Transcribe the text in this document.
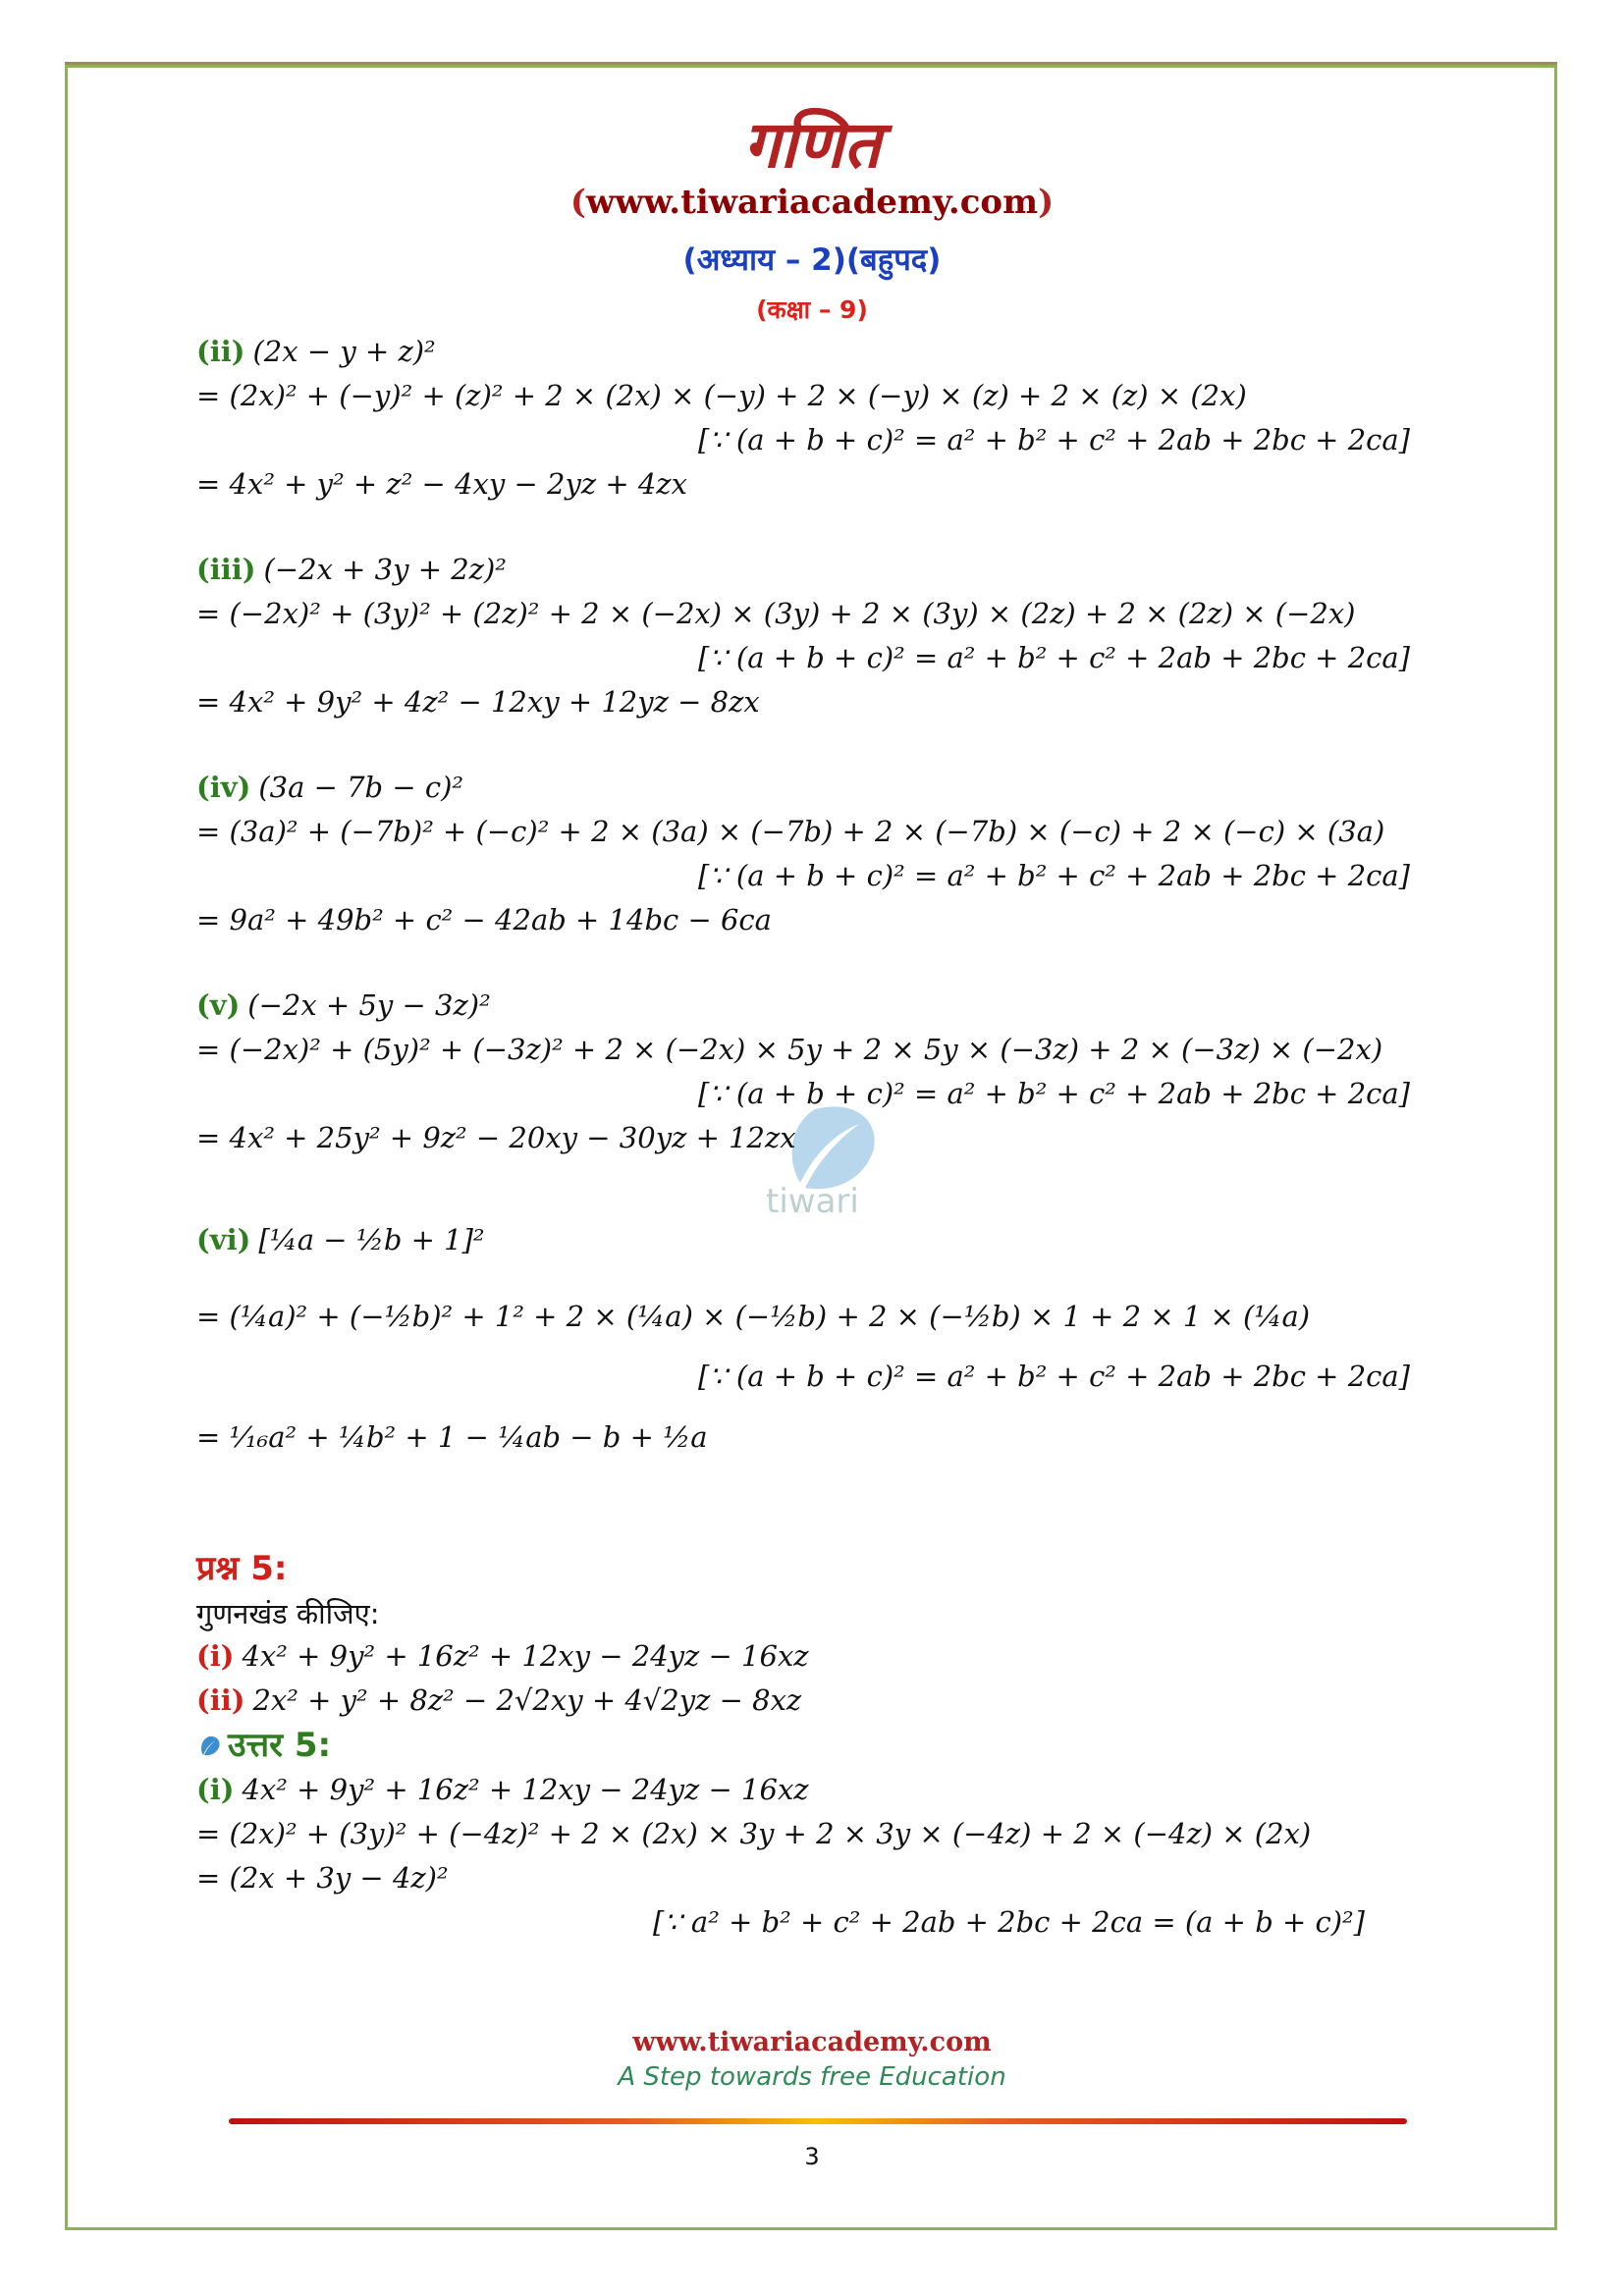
गणित
(www.tiwariacademy.com)
(अध्याय – 2)(बहुपद)
(कक्षा – 9)
tiwari
(ii) (2x − y + z)²
= (2x)² + (−y)² + (z)² + 2 × (2x) × (−y) + 2 × (−y) × (z) + 2 × (z) × (2x)
[∵ (a + b + c)² = a² + b² + c² + 2ab + 2bc + 2ca]
= 4x² + y² + z² − 4xy − 2yz + 4zx
(iii) (−2x + 3y + 2z)²
= (−2x)² + (3y)² + (2z)² + 2 × (−2x) × (3y) + 2 × (3y) × (2z) + 2 × (2z) × (−2x)
[∵ (a + b + c)² = a² + b² + c² + 2ab + 2bc + 2ca]
= 4x² + 9y² + 4z² − 12xy + 12yz − 8zx
(iv) (3a − 7b − c)²
= (3a)² + (−7b)² + (−c)² + 2 × (3a) × (−7b) + 2 × (−7b) × (−c) + 2 × (−c) × (3a)
[∵ (a + b + c)² = a² + b² + c² + 2ab + 2bc + 2ca]
= 9a² + 49b² + c² − 42ab + 14bc − 6ca
(v) (−2x + 5y − 3z)²
= (−2x)² + (5y)² + (−3z)² + 2 × (−2x) × 5y + 2 × 5y × (−3z) + 2 × (−3z) × (−2x)
[∵ (a + b + c)² = a² + b² + c² + 2ab + 2bc + 2ca]
= 4x² + 25y² + 9z² − 20xy − 30yz + 12zx
(vi) [¼a − ½b + 1]²
= (¼a)² + (−½b)² + 1² + 2 × (¼a) × (−½b) + 2 × (−½b) × 1 + 2 × 1 × (¼a)
[∵ (a + b + c)² = a² + b² + c² + 2ab + 2bc + 2ca]
= ¹⁄₁₆a² + ¼b² + 1 − ¼ab − b + ½a
प्रश्न 5:
गुणनखंड कीजिए:
(i) 4x² + 9y² + 16z² + 12xy − 24yz − 16xz
(ii) 2x² + y² + 8z² − 2√2xy + 4√2yz − 8xz
उत्तर 5:
(i) 4x² + 9y² + 16z² + 12xy − 24yz − 16xz
= (2x)² + (3y)² + (−4z)² + 2 × (2x) × 3y + 2 × 3y × (−4z) + 2 × (−4z) × (2x)
= (2x + 3y − 4z)²
[∵ a² + b² + c² + 2ab + 2bc + 2ca = (a + b + c)²]
www.tiwariacademy.com
A Step towards free Education
3
